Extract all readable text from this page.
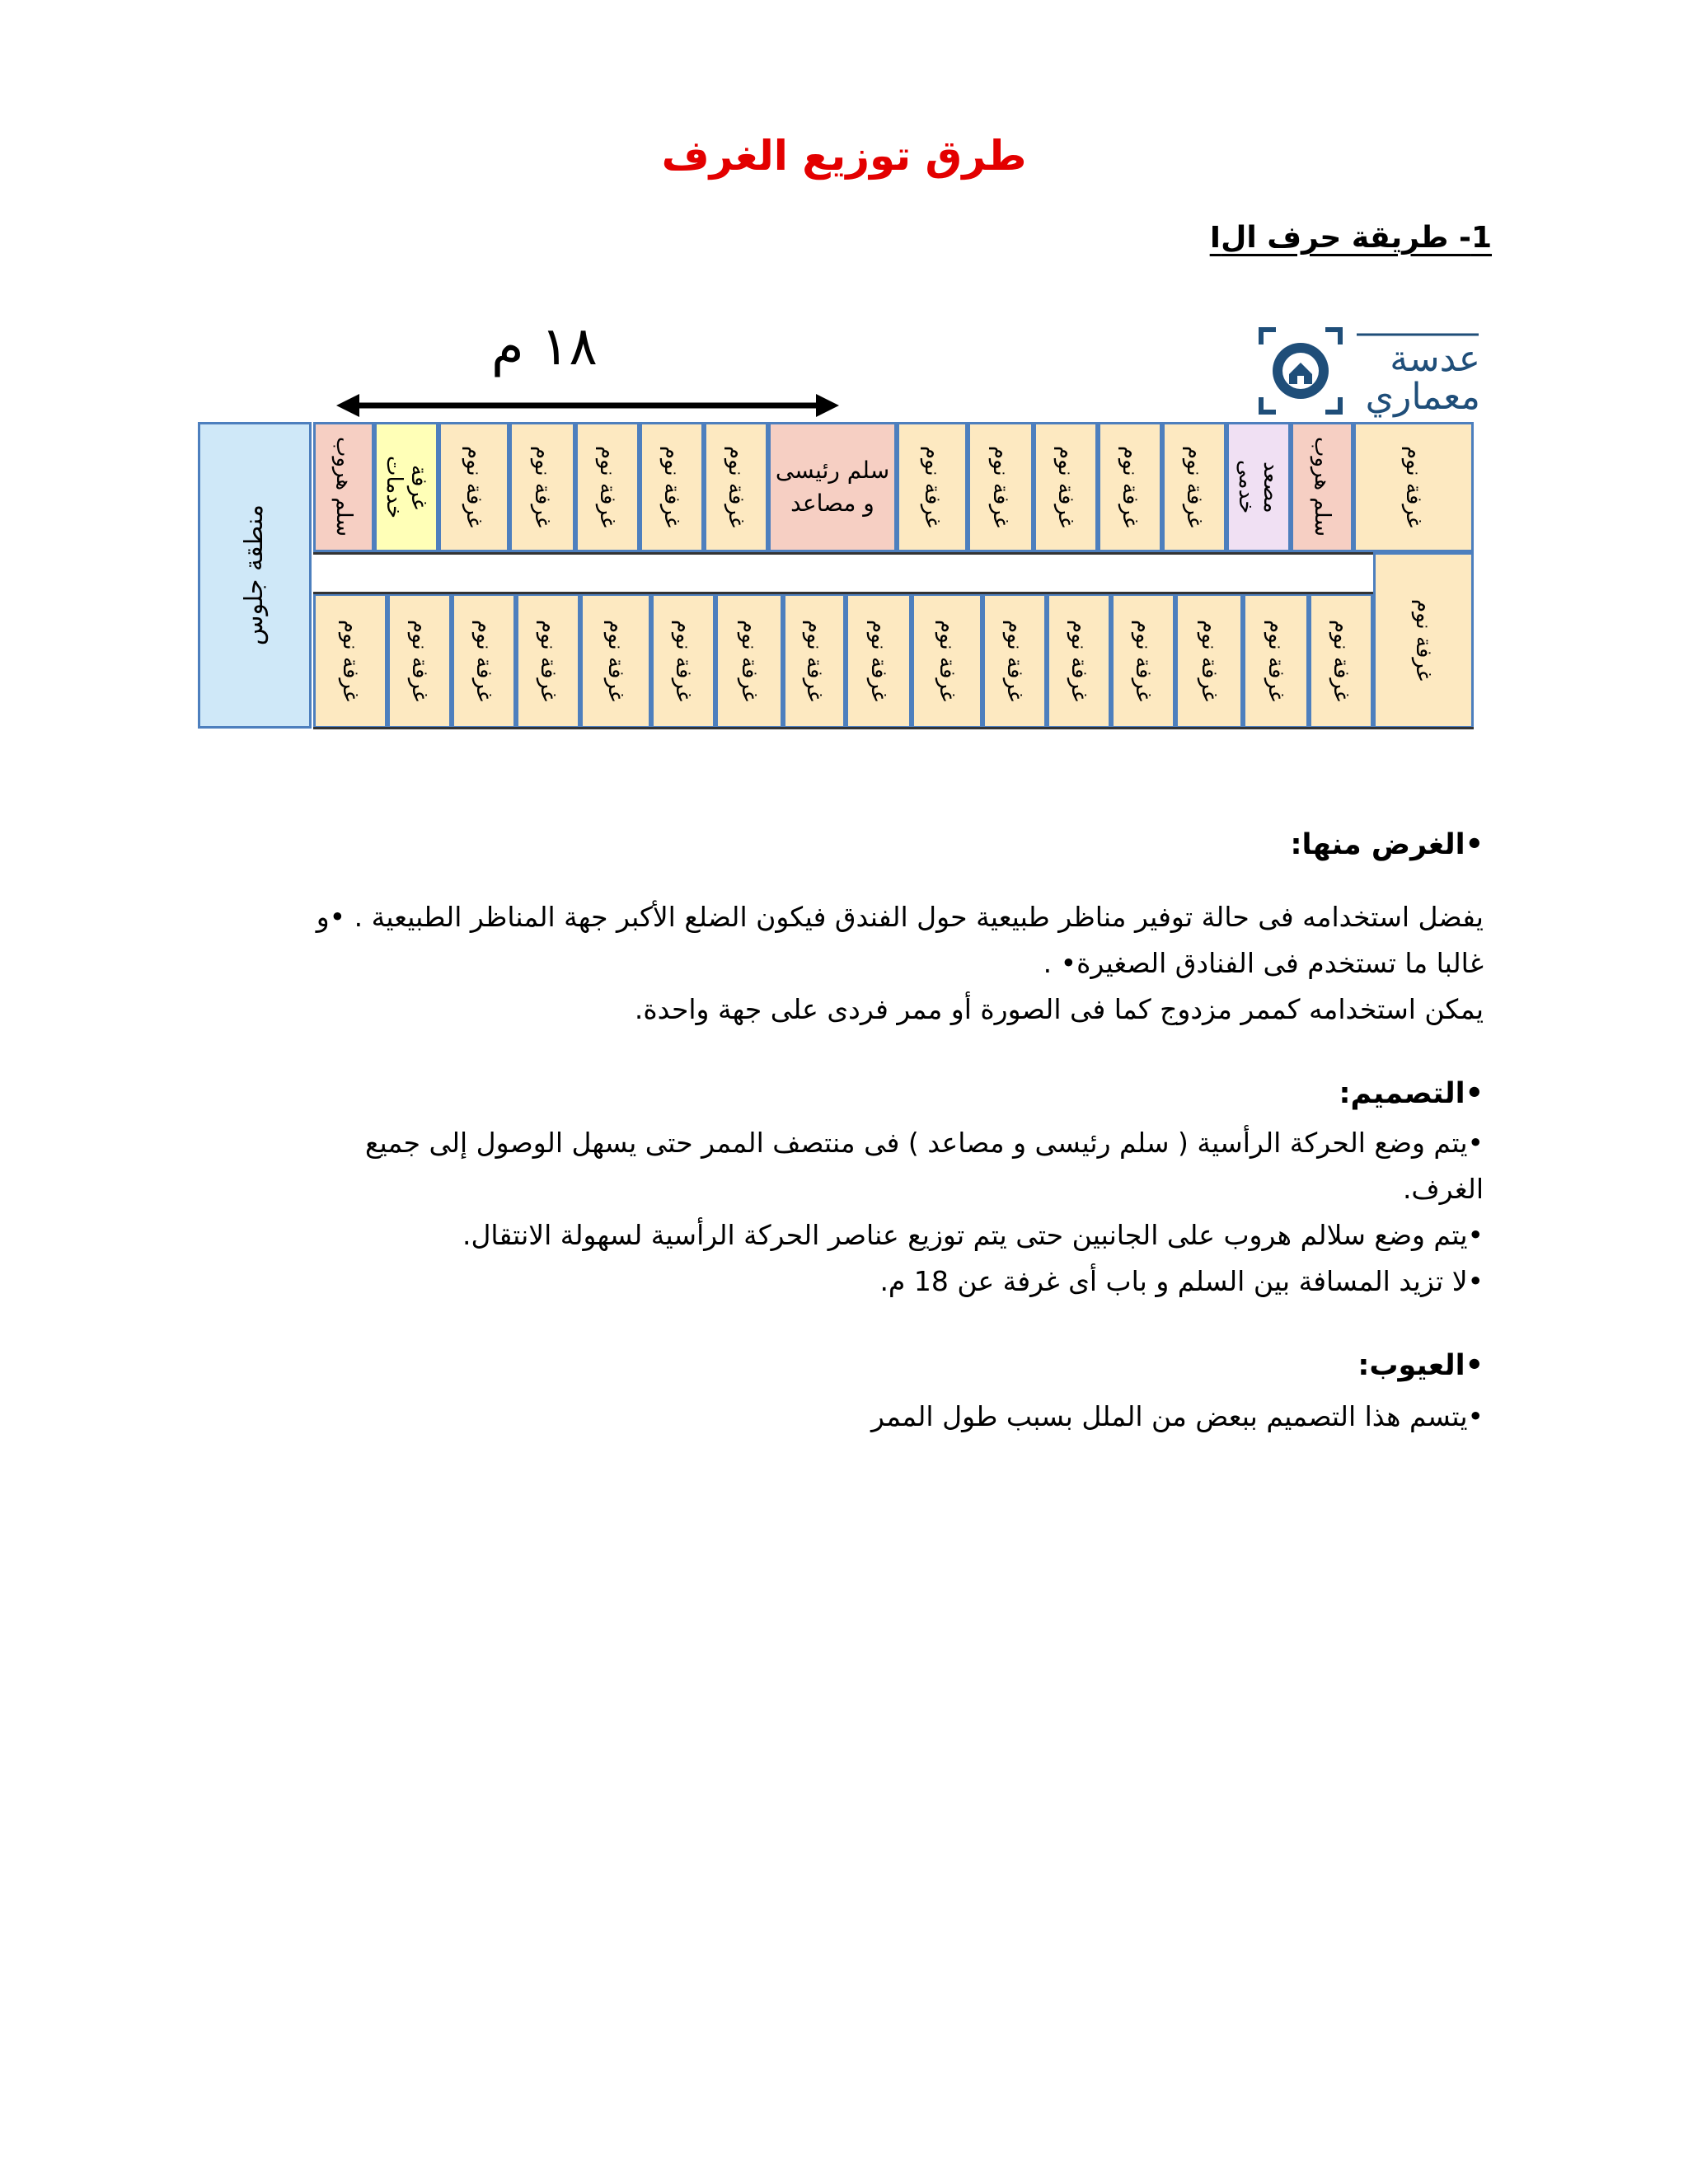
طرق توزيع الغرف
1- طريقة حرف الI
عدسة
معماري
١٨ م
منطقة جلوس
سلم هروب	غرفة خدمات	غرفة نوم غرفة نوم غرفة نوم غرفة نوم غرفة نوم سلم رئيسى و مصاعد	غرفة نوم غرفة نوم غرفة نوم غرفة نوم غرفة نوم	مصعد خدمى	سلم هروب	غرفة نوم
غرفة نوم غرفة نوم غرفة نوم غرفة نوم غرفة نوم غرفة نوم غرفة نوم غرفة نوم غرفة نوم غرفة نوم غرفة نوم غرفة نوم غرفة نوم غرفة نوم غرفة نوم غرفة نوم	غرفة نوم
•الغرض منها:
يفضل استخدامه فى حالة توفير مناظر طبيعية حول الفندق فيكون الضلع الأكبر جهة المناظر الطبيعية . •و
غالبا ما تستخدم فى الفنادق الصغيرة• .
يمكن استخدامه كممر مزدوج كما فى الصورة أو ممر فردى على جهة واحدة.
•التصميم:
•يتم وضع الحركة الرأسية ( سلم رئيسى و مصاعد ) فى منتصف الممر حتى يسهل الوصول إلى جميع
الغرف.
•يتم وضع سلالم هروب على الجانبين حتى يتم توزيع عناصر الحركة الرأسية لسهولة الانتقال.
•لا تزيد المسافة بين السلم و باب أى غرفة عن 18 م.
•العيوب:
•يتسم هذا التصميم ببعض من الملل بسبب طول الممر
